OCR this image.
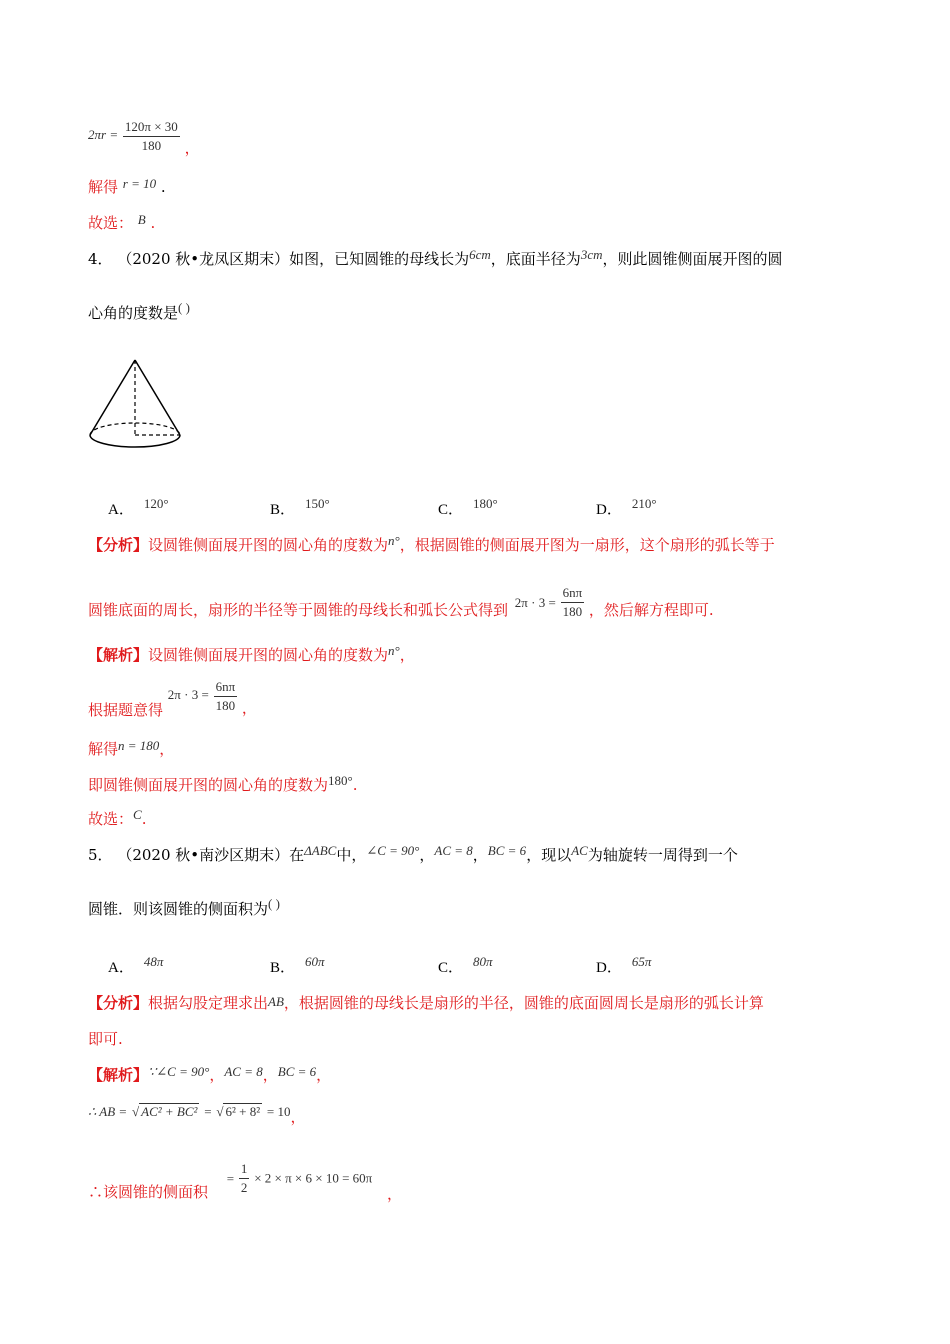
$2\pi r = \frac{120\pi \times 30}{180}$ ，
解得 r = 10 .
故选： B .
4． （2020 秋•龙凤区期末）如图，已知圆锥的母线长为6cm，底面半径为3cm，则此圆锥侧面展开图的圆
心角的度数是( )
A． 120°	B． 150°	C． 180°	D． 210°
【分析】设圆锥侧面展开图的圆心角的度数为n°，根据圆锥的侧面展开图为一扇形，这个扇形的弧长等于
圆锥底面的周长，扇形的半径等于圆锥的母线长和弧长公式得到 $2\pi \cdot 3 = \frac{6n\pi}{180}$ ，然后解方程即可.
【解析】设圆锥侧面展开图的圆心角的度数为n°，
根据题意得 $2\pi \cdot 3 = \frac{6n\pi}{180}$ ，
解得n = 180，
即圆锥侧面展开图的圆心角的度数为180°.
故选：C.
5． （2020 秋•南沙区期末）在ΔABC中，∠C = 90°，AC = 8，BC = 6，现以AC为轴旋转一周得到一个
圆锥．则该圆锥的侧面积为( )
A． 48π	B． 60π	C． 80π	D． 65π
【分析】根据勾股定理求出AB，根据圆锥的母线长是扇形的半径，圆锥的底面圆周长是扇形的弧长计算
即可.
【解析】∵∠C = 90°，AC = 8，BC = 6，
∴ AB = √ AC² + BC² = √ 6² + 8² = 10，
∴该圆锥的侧面积 = $\frac{1}{2} \times 2 \times \pi \times 6 \times 10 = 60\pi$ ，
